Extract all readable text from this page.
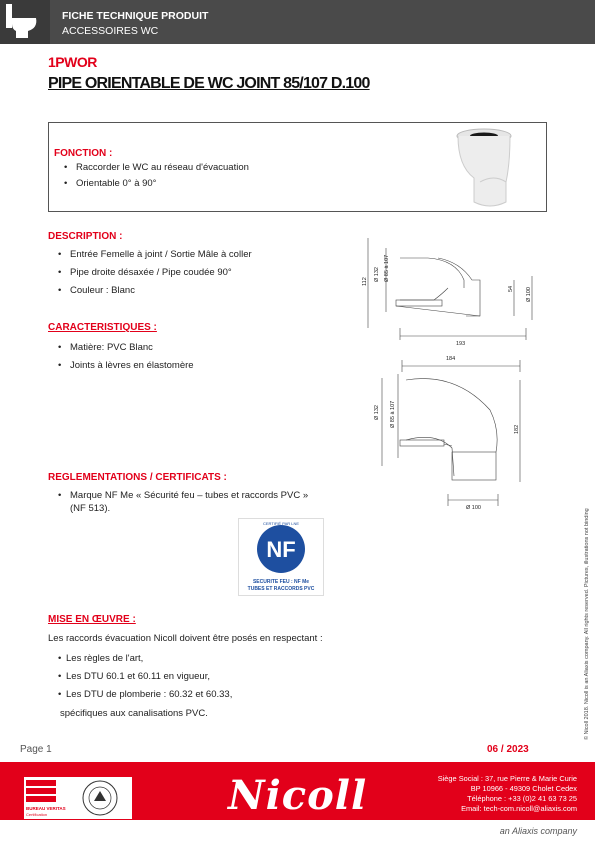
FICHE TECHNIQUE PRODUIT
ACCESSOIRES WC
1PWOR
PIPE ORIENTABLE DE WC JOINT 85/107 D.100
FONCTION :
• Raccorder le WC au réseau d'évacuation
• Orientable 0° à 90°
DESCRIPTION :
• Entrée Femelle à joint / Sortie Mâle à coller
• Pipe droite désaxée / Pipe coudée 90°
• Couleur : Blanc
CARACTERISTIQUES :
• Matière: PVC Blanc
• Joints à lèvres en élastomère
Ø 85 à 107
Ø 132
112
54 Ø 100
193
184
Ø 132 Ø 85 à 107
182
Ø 100
REGLEMENTATIONS / CERTIFICATS :
• Marque NF Me « Sécurité feu – tubes et raccords PVC »
(NF 513).
CERTIFIÉ PAR LNE
NF
SECURITE FEU : NF Me
TUBES ET RACCORDS PVC
MISE EN ŒUVRE :
Les raccords évacuation Nicoll doivent être posés en respectant :
• Les règles de l'art,
• Les DTU 60.1 et 60.11 en vigueur,
• Les DTU de plomberie : 60.32 et 60.33,
spécifiques aux canalisations PVC.	© Nicoll 2018. Nicoll is an Aliaxis company. All rights reserved. Pictures, illustrations not binding
Page 1	06 / 2023
BUREAU VERITAS
Certification	Nicoll	Siège Social : 37, rue Pierre & Marie Curie
BP 10966 - 49309 Cholet Cedex
Téléphone : +33 (0)2 41 63 73 25
Email: tech-com.nicoll@aliaxis.com
an Aliaxis company
